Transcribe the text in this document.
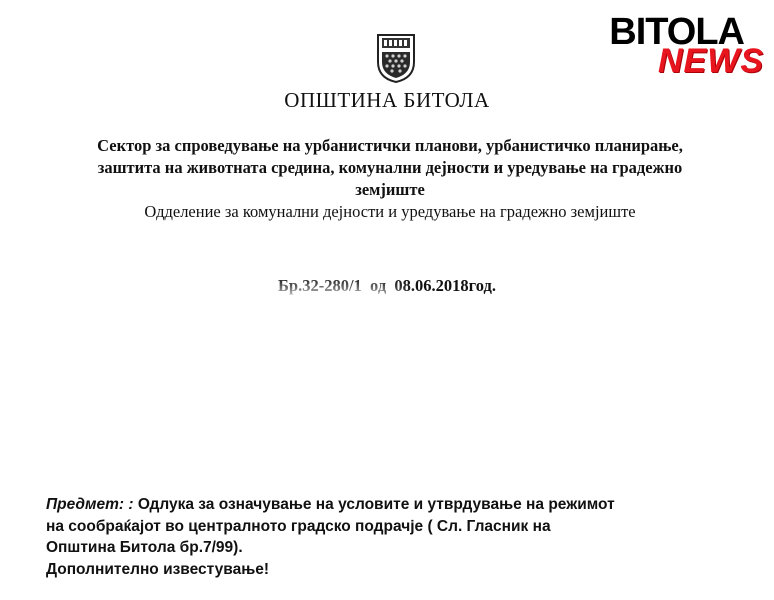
BITOLA
NEWS
ОПШТИНА БИТОЛА
Сектор за спроведување на урбанистички планови, урбанистичко планирање,
заштита на животната средина, комунални дејности и уредување на градежно
земјиште
Одделение за комунални дејности и уредување на градежно земјиште
Бр.32-280/1  од  08.06.2018год.
Предмет: : Одлука за означување на условите и утврдување на режимот
на сообраќајот во централното градско подрачје ( Сл. Гласник на
Општина Битола бр.7/99).
Дополнително известување!
